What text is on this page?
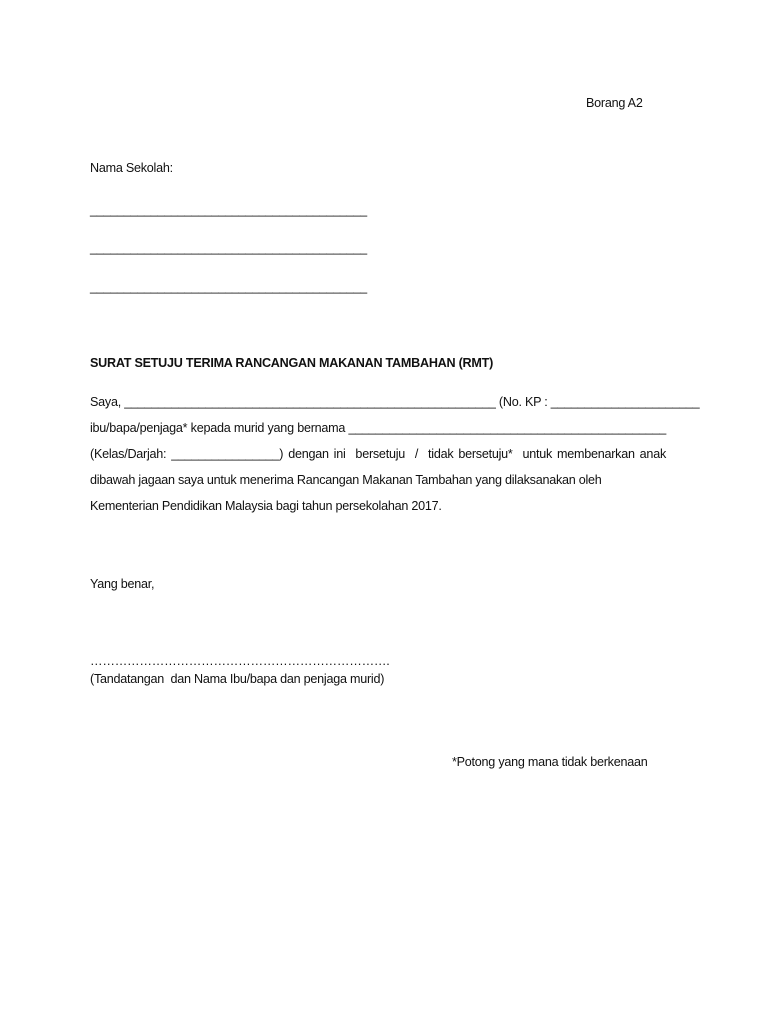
Borang A2
Nama Sekolah:
_________________________________________
_________________________________________
_________________________________________
SURAT SETUJU TERIMA RANCANGAN MAKANAN TAMBAHAN (RMT)
Saya, _______________________________________________________ (No. KP : ______________________
ibu/bapa/penjaga* kepada murid yang bernama _______________________________________________
(Kelas/Darjah: ________________) dengan ini  bersetuju  /  tidak bersetuju*  untuk membenarkan anak
dibawah jagaan saya untuk menerima Rancangan Makanan Tambahan yang dilaksanakan oleh
Kementerian Pendidikan Malaysia bagi tahun persekolahan 2017.
Yang benar,
……………………………………………………………….
(Tandatangan  dan Nama Ibu/bapa dan penjaga murid)
*Potong yang mana tidak berkenaan
